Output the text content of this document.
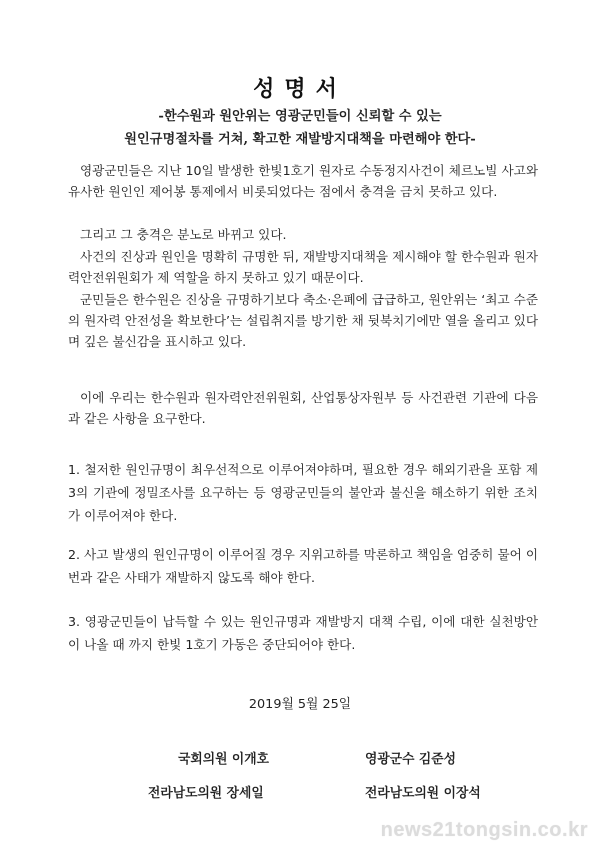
성명서
-한수원과 원안위는 영광군민들이 신뢰할 수 있는
원인규명절차를 거쳐, 확고한 재발방지대책을 마련해야 한다-
영광군민들은 지난 10일 발생한 한빛1호기 원자로 수동정지사건이 체르노빌 사고와 유사한 원인인 제어봉 통제에서 비롯되었다는 점에서 충격을 금치 못하고 있다.
그리고 그 충격은 분노로 바뀌고 있다.
사건의 진상과 원인을 명확히 규명한 뒤, 재발방지대책을 제시해야 할 한수원과 원자력안전위원회가 제 역할을 하지 못하고 있기 때문이다.
군민들은 한수원은 진상을 규명하기보다 축소·은폐에 급급하고, 원안위는 ‘최고 수준의 원자력 안전성을 확보한다’는 설립취지를 방기한 채 뒷북치기에만 열을 올리고 있다며 깊은 불신감을 표시하고 있다.
이에 우리는 한수원과 원자력안전위원회, 산업통상자원부 등 사건관련 기관에 다음과 같은 사항을 요구한다.
1. 철저한 원인규명이 최우선적으로 이루어져야하며, 필요한 경우 해외기관을 포함 제3의 기관에 정밀조사를 요구하는 등 영광군민들의 불안과 불신을 해소하기 위한 조치가 이루어져야 한다.
2. 사고 발생의 원인규명이 이루어질 경우 지위고하를 막론하고 책임을 엄중히 물어 이번과 같은 사태가 재발하지 않도록 해야 한다.
3. 영광군민들이 납득할 수 있는 원인규명과 재발방지 대책 수립, 이에 대한 실천방안이 나올 때 까지 한빛 1호기 가동은 중단되어야 한다.
2019월 5월 25일
국회의원 이개호	영광군수 김준성
전라남도의원 장세일	전라남도의원 이장석
news21tongsin.co.kr
